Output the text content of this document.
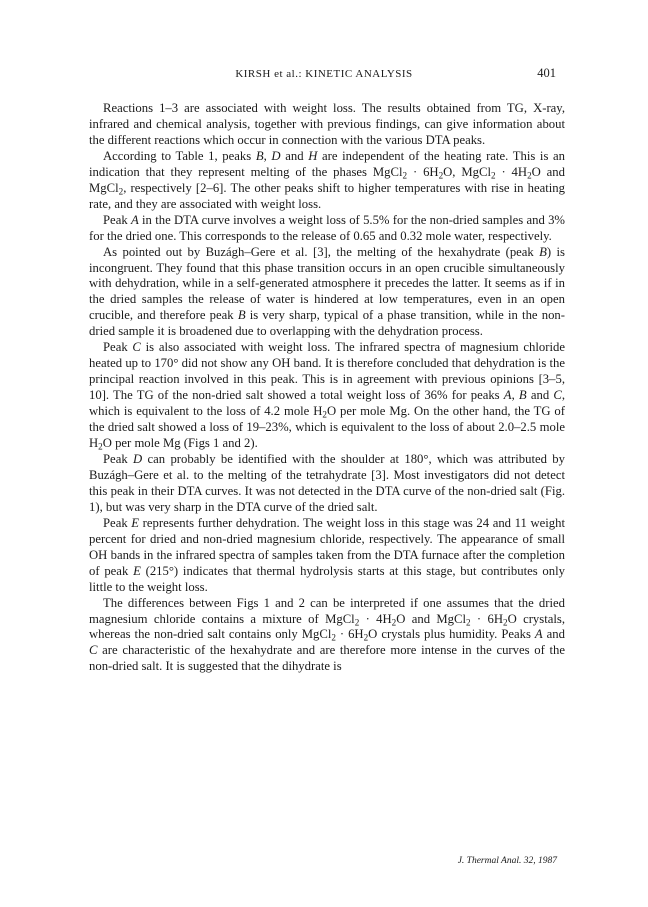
KIRSH et al.: KINETIC ANALYSIS	401

Reactions 1–3 are associated with weight loss. The results obtained from TG, X-ray, infrared and chemical analysis, together with previous findings, can give information about the different reactions which occur in connection with the various DTA peaks.

According to Table 1, peaks B, D and H are independent of the heating rate. This is an indication that they represent melting of the phases MgCl$_2$ · $6H_2O$, MgCl$_2$ · $4H_2O$ and MgCl$_2$, respectively [2–6]. The other peaks shift to higher temperatures with rise in heating rate, and they are associated with weight loss.

Peak A in the DTA curve involves a weight loss of 5.5% for the non-dried samples and 3% for the dried one. This corresponds to the release of 0.65 and 0.32 mole water, respectively.

As pointed out by Buzágh–Gere et al. [3], the melting of the hexahydrate (peak B) is incongruent. They found that this phase transition occurs in an open crucible simultaneously with dehydration, while in a self-generated atmosphere it precedes the latter. It seems as if in the dried samples the release of water is hindered at low temperatures, even in an open crucible, and therefore peak B is very sharp, typical of a phase transition, while in the non-dried sample it is broadened due to overlapping with the dehydration process.

Peak C is also associated with weight loss. The infrared spectra of magnesium chloride heated up to 170° did not show any OH band. It is therefore concluded that dehydration is the principal reaction involved in this peak. This is in agreement with previous opinions [3–5, 10]. The TG of the non-dried salt showed a total weight loss of 36% for peaks A, B and C, which is equivalent to the loss of 4.2 mole $H_2O$ per mole Mg. On the other hand, the TG of the dried salt showed a loss of 19–23%, which is equivalent to the loss of about 2.0–2.5 mole $H_2O$ per mole Mg (Figs 1 and 2).

Peak D can probably be identified with the shoulder at 180°, which was attributed by Buzágh–Gere et al. to the melting of the tetrahydrate [3]. Most investigators did not detect this peak in their DTA curves. It was not detected in the DTA curve of the non-dried salt (Fig. 1), but was very sharp in the DTA curve of the dried salt.

Peak E represents further dehydration. The weight loss in this stage was 24 and 11 weight percent for dried and non-dried magnesium chloride, respectively. The appearance of small OH bands in the infrared spectra of samples taken from the DTA furnace after the completion of peak E (215°) indicates that thermal hydrolysis starts at this stage, but contributes only little to the weight loss.

The differences between Figs 1 and 2 can be interpreted if one assumes that the dried magnesium chloride contains a mixture of MgCl$_2$ · $4H_2O$ and MgCl$_2$ · $6H_2O$ crystals, whereas the non-dried salt contains only MgCl$_2$ · $6H_2O$ crystals plus humidity. Peaks A and C are characteristic of the hexahydrate and are therefore more intense in the curves of the non-dried salt. It is suggested that the dihydrate is

J. Thermal Anal. 32, 1987
